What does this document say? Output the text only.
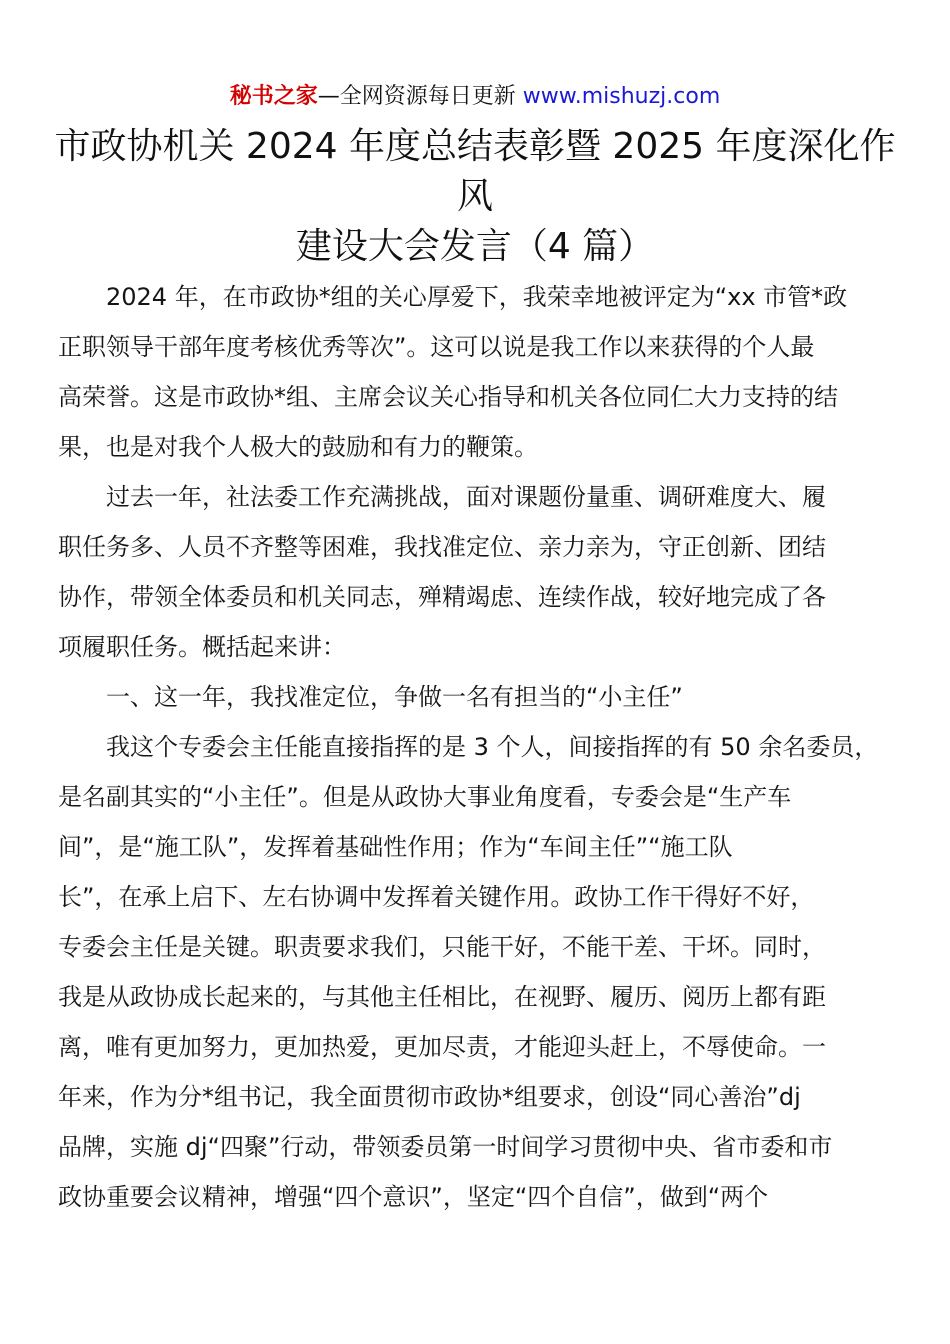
秘书之家—全网资源每日更新 www.mishuzj.com
市政协机关 2024 年度总结表彰暨 2025 年度深化作
风
建设大会发言（4 篇）
2024 年，在市政协*组的关心厚爱下，我荣幸地被评定为“xx 市管*政
正职领导干部年度考核优秀等次”。这可以说是我工作以来获得的个人最
高荣誉。这是市政协*组、主席会议关心指导和机关各位同仁大力支持的结
果，也是对我个人极大的鼓励和有力的鞭策。
过去一年，社法委工作充满挑战，面对课题份量重、调研难度大、履
职任务多、人员不齐整等困难，我找准定位、亲力亲为，守正创新、团结
协作，带领全体委员和机关同志，殚精竭虑、连续作战，较好地完成了各
项履职任务。概括起来讲：
一、这一年，我找准定位，争做一名有担当的“小主任”
我这个专委会主任能直接指挥的是 3 个人，间接指挥的有 50 余名委员，
是名副其实的“小主任”。但是从政协大事业角度看，专委会是“生产车
间”，是“施工队”，发挥着基础性作用；作为“车间主任”“施工队
长”，在承上启下、左右协调中发挥着关键作用。政协工作干得好不好，
专委会主任是关键。职责要求我们，只能干好，不能干差、干坏。同时，
我是从政协成长起来的，与其他主任相比，在视野、履历、阅历上都有距
离，唯有更加努力，更加热爱，更加尽责，才能迎头赶上，不辱使命。一
年来，作为分*组书记，我全面贯彻市政协*组要求，创设“同心善治”dj
品牌，实施 dj“四聚”行动，带领委员第一时间学习贯彻中央、省市委和市
政协重要会议精神，增强“四个意识”，坚定“四个自信”，做到“两个
